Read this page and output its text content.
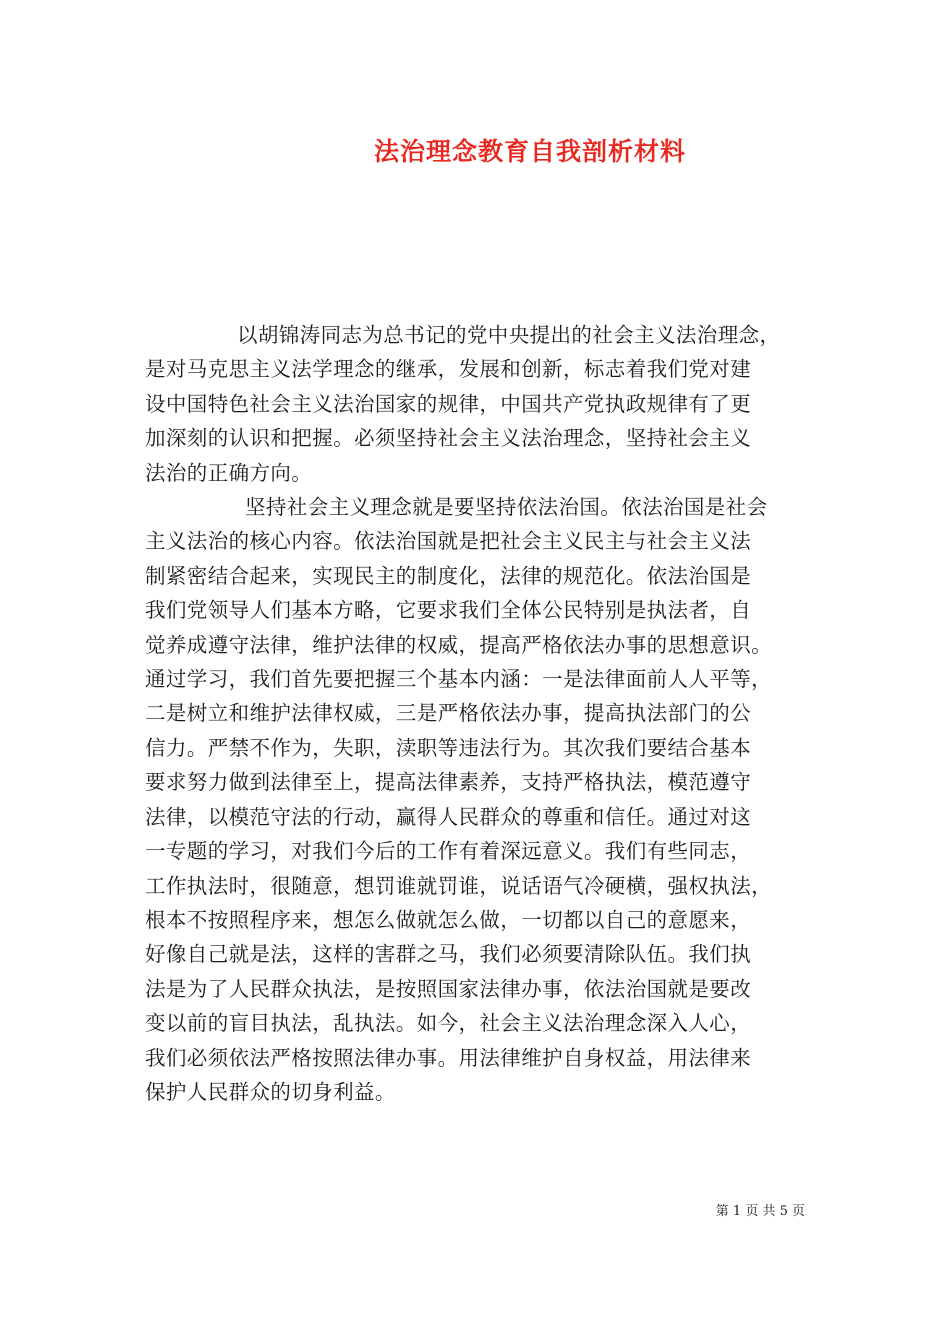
法治理念教育自我剖析材料

以胡锦涛同志为总书记的党中央提出的社会主义法治理念，
是对马克思主义法学理念的继承，发展和创新，标志着我们党对建
设中国特色社会主义法治国家的规律，中国共产党执政规律有了更
加深刻的认识和把握。必须坚持社会主义法治理念，坚持社会主义
法治的正确方向。

坚持社会主义理念就是要坚持依法治国。依法治国是社会
主义法治的核心内容。依法治国就是把社会主义民主与社会主义法
制紧密结合起来，实现民主的制度化，法律的规范化。依法治国是
我们党领导人们基本方略，它要求我们全体公民特别是执法者，自
觉养成遵守法律，维护法律的权威，提高严格依法办事的思想意识。
通过学习，我们首先要把握三个基本内涵：一是法律面前人人平等，
二是树立和维护法律权威，三是严格依法办事，提高执法部门的公
信力。严禁不作为，失职，渎职等违法行为。其次我们要结合基本
要求努力做到法律至上，提高法律素养，支持严格执法，模范遵守
法律，以模范守法的行动，赢得人民群众的尊重和信任。通过对这
一专题的学习，对我们今后的工作有着深远意义。我们有些同志，
工作执法时，很随意，想罚谁就罚谁，说话语气冷硬横，强权执法，
根本不按照程序来，想怎么做就怎么做，一切都以自己的意愿来，
好像自己就是法，这样的害群之马，我们必须要清除队伍。我们执
法是为了人民群众执法，是按照国家法律办事，依法治国就是要改
变以前的盲目执法，乱执法。如今，社会主义法治理念深入人心，
我们必须依法严格按照法律办事。用法律维护自身权益，用法律来
保护人民群众的切身利益。

第 1 页 共 5 页
